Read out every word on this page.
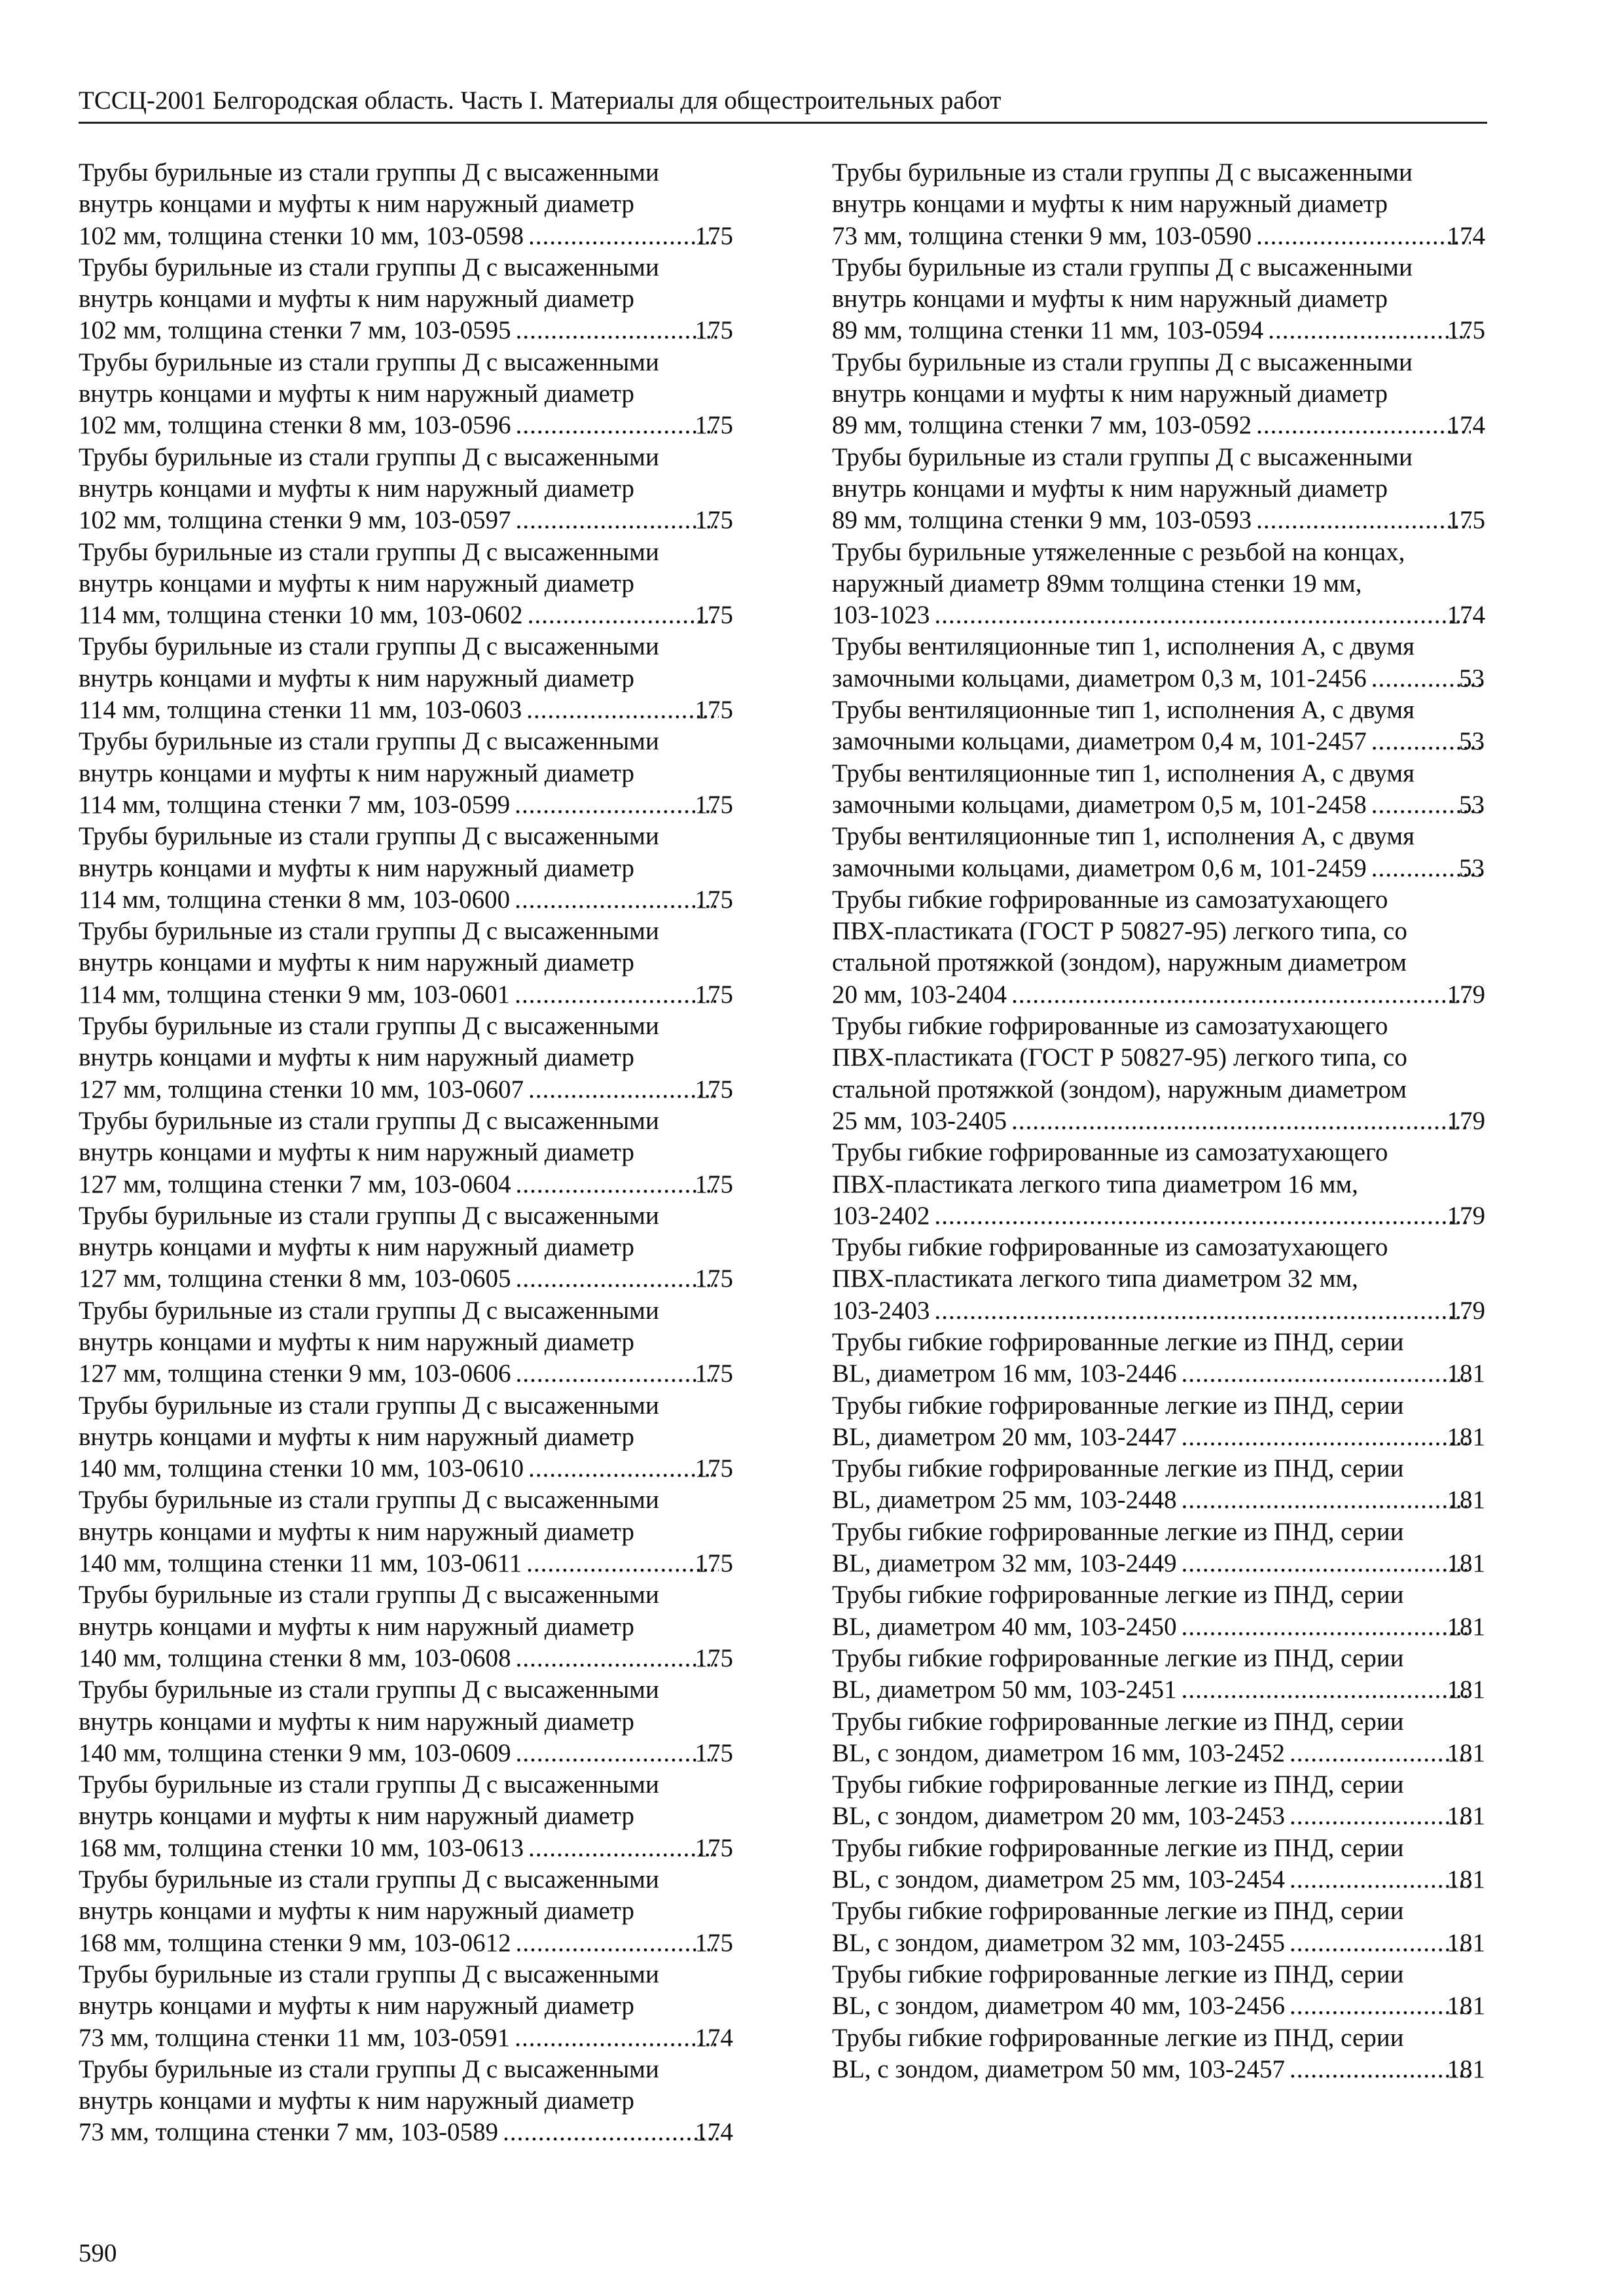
ТССЦ-2001 Белгородская область. Часть I. Материалы для общестроительных работ
Трубы бурильные из стали группы Д с высаженными
внутрь концами и муфты к ним наружный диаметр
102 мм, толщина стенки 10 мм, 103-0598 .....	175
Трубы бурильные из стали группы Д с высаженными
внутрь концами и муфты к ним наружный диаметр
102 мм, толщина стенки 7 мм, 103-0595 .....	175
Трубы бурильные из стали группы Д с высаженными
внутрь концами и муфты к ним наружный диаметр
102 мм, толщина стенки 8 мм, 103-0596 .....	175
Трубы бурильные из стали группы Д с высаженными
внутрь концами и муфты к ним наружный диаметр
102 мм, толщина стенки 9 мм, 103-0597 .....	175
Трубы бурильные из стали группы Д с высаженными
внутрь концами и муфты к ним наружный диаметр
114 мм, толщина стенки 10 мм, 103-0602 .....	175
Трубы бурильные из стали группы Д с высаженными
внутрь концами и муфты к ним наружный диаметр
114 мм, толщина стенки 11 мм, 103-0603 .....	175
Трубы бурильные из стали группы Д с высаженными
внутрь концами и муфты к ним наружный диаметр
114 мм, толщина стенки 7 мм, 103-0599 .....	175
Трубы бурильные из стали группы Д с высаженными
внутрь концами и муфты к ним наружный диаметр
114 мм, толщина стенки 8 мм, 103-0600 .....	175
Трубы бурильные из стали группы Д с высаженными
внутрь концами и муфты к ним наружный диаметр
114 мм, толщина стенки 9 мм, 103-0601 .....	175
Трубы бурильные из стали группы Д с высаженными
внутрь концами и муфты к ним наружный диаметр
127 мм, толщина стенки 10 мм, 103-0607 .....	175
Трубы бурильные из стали группы Д с высаженными
внутрь концами и муфты к ним наружный диаметр
127 мм, толщина стенки 7 мм, 103-0604 .....	175
Трубы бурильные из стали группы Д с высаженными
внутрь концами и муфты к ним наружный диаметр
127 мм, толщина стенки 8 мм, 103-0605 .....	175
Трубы бурильные из стали группы Д с высаженными
внутрь концами и муфты к ним наружный диаметр
127 мм, толщина стенки 9 мм, 103-0606 .....	175
Трубы бурильные из стали группы Д с высаженными
внутрь концами и муфты к ним наружный диаметр
140 мм, толщина стенки 10 мм, 103-0610 .....	175
Трубы бурильные из стали группы Д с высаженными
внутрь концами и муфты к ним наружный диаметр
140 мм, толщина стенки 11 мм, 103-0611 .....	175
Трубы бурильные из стали группы Д с высаженными
внутрь концами и муфты к ним наружный диаметр
140 мм, толщина стенки 8 мм, 103-0608 .....	175
Трубы бурильные из стали группы Д с высаженными
внутрь концами и муфты к ним наружный диаметр
140 мм, толщина стенки 9 мм, 103-0609 .....	175
Трубы бурильные из стали группы Д с высаженными
внутрь концами и муфты к ним наружный диаметр
168 мм, толщина стенки 10 мм, 103-0613 .....	175
Трубы бурильные из стали группы Д с высаженными
внутрь концами и муфты к ним наружный диаметр
168 мм, толщина стенки 9 мм, 103-0612 .....	175
Трубы бурильные из стали группы Д с высаженными
внутрь концами и муфты к ним наружный диаметр
73 мм, толщина стенки 11 мм, 103-0591 .....	174
Трубы бурильные из стали группы Д с высаженными
внутрь концами и муфты к ним наружный диаметр
73 мм, толщина стенки 7 мм, 103-0589 .....	174
Трубы бурильные из стали группы Д с высаженными
внутрь концами и муфты к ним наружный диаметр
73 мм, толщина стенки 9 мм, 103-0590 .....	174
Трубы бурильные из стали группы Д с высаженными
внутрь концами и муфты к ним наружный диаметр
89 мм, толщина стенки 11 мм, 103-0594 .....	175
Трубы бурильные из стали группы Д с высаженными
внутрь концами и муфты к ним наружный диаметр
89 мм, толщина стенки 7 мм, 103-0592 .....	174
Трубы бурильные из стали группы Д с высаженными
внутрь концами и муфты к ним наружный диаметр
89 мм, толщина стенки 9 мм, 103-0593 .....	175
Трубы бурильные утяжеленные с резьбой на концах,
наружный диаметр 89мм толщина стенки 19 мм,
103-1023 .....	174
Трубы вентиляционные тип 1, исполнения А, с двумя
замочными кольцами, диаметром 0,3 м, 101-2456 .....	53
Трубы вентиляционные тип 1, исполнения А, с двумя
замочными кольцами, диаметром 0,4 м, 101-2457 .....	53
Трубы вентиляционные тип 1, исполнения А, с двумя
замочными кольцами, диаметром 0,5 м, 101-2458 .....	53
Трубы вентиляционные тип 1, исполнения А, с двумя
замочными кольцами, диаметром 0,6 м, 101-2459 .....	53
Трубы гибкие гофрированные из самозатухающего
ПВХ-пластиката (ГОСТ Р 50827-95) легкого типа, со
стальной протяжкой (зондом), наружным диаметром
20 мм, 103-2404 .....	179
Трубы гибкие гофрированные из самозатухающего
ПВХ-пластиката (ГОСТ Р 50827-95) легкого типа, со
стальной протяжкой (зондом), наружным диаметром
25 мм, 103-2405 .....	179
Трубы гибкие гофрированные из самозатухающего
ПВХ-пластиката легкого типа диаметром 16 мм,
103-2402 .....	179
Трубы гибкие гофрированные из самозатухающего
ПВХ-пластиката легкого типа диаметром 32 мм,
103-2403 .....	179
Трубы гибкие гофрированные легкие из ПНД, серии
BL, диаметром 16 мм, 103-2446 .....	181
Трубы гибкие гофрированные легкие из ПНД, серии
BL, диаметром 20 мм, 103-2447 .....	181
Трубы гибкие гофрированные легкие из ПНД, серии
BL, диаметром 25 мм, 103-2448 .....	181
Трубы гибкие гофрированные легкие из ПНД, серии
BL, диаметром 32 мм, 103-2449 .....	181
Трубы гибкие гофрированные легкие из ПНД, серии
BL, диаметром 40 мм, 103-2450 .....	181
Трубы гибкие гофрированные легкие из ПНД, серии
BL, диаметром 50 мм, 103-2451 .....	181
Трубы гибкие гофрированные легкие из ПНД, серии
BL, с зондом, диаметром 16 мм, 103-2452 .....	181
Трубы гибкие гофрированные легкие из ПНД, серии
BL, с зондом, диаметром 20 мм, 103-2453 .....	181
Трубы гибкие гофрированные легкие из ПНД, серии
BL, с зондом, диаметром 25 мм, 103-2454 .....	181
Трубы гибкие гофрированные легкие из ПНД, серии
BL, с зондом, диаметром 32 мм, 103-2455 .....	181
Трубы гибкие гофрированные легкие из ПНД, серии
BL, с зондом, диаметром 40 мм, 103-2456 .....	181
Трубы гибкие гофрированные легкие из ПНД, серии
BL, с зондом, диаметром 50 мм, 103-2457 .....	181
590
